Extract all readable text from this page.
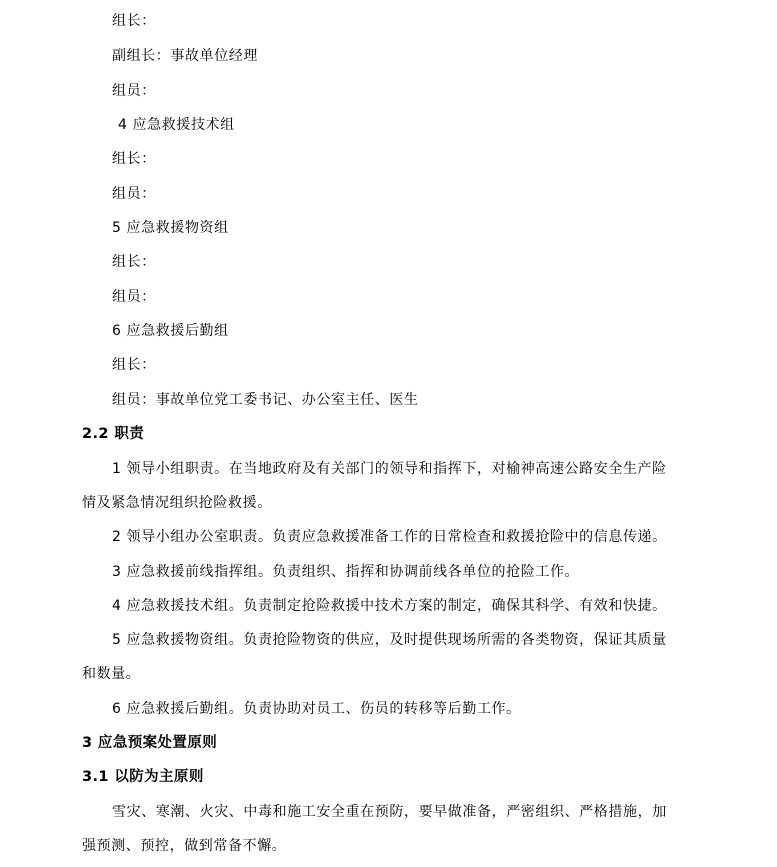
组长：
副组长：事故单位经理
组员：
4 应急救援技术组
组长：
组员：
5 应急救援物资组
组长：
组员：
6 应急救援后勤组
组长：
组员：事故单位党工委书记、办公室主任、医生
2.2 职责
1 领导小组职责。在当地政府及有关部门的领导和指挥下，对榆神高速公路安全生产险
情及紧急情况组织抢险救援。
2 领导小组办公室职责。负责应急救援准备工作的日常检查和救援抢险中的信息传递。
3 应急救援前线指挥组。负责组织、指挥和协调前线各单位的抢险工作。
4 应急救援技术组。负责制定抢险救援中技术方案的制定，确保其科学、有效和快捷。
5 应急救援物资组。负责抢险物资的供应，及时提供现场所需的各类物资，保证其质量
和数量。
6 应急救援后勤组。负责协助对员工、伤员的转移等后勤工作。
3 应急预案处置原则
3.1 以防为主原则
雪灾、寒潮、火灾、中毒和施工安全重在预防，要早做准备，严密组织、严格措施，加
强预测、预控，做到常备不懈。
